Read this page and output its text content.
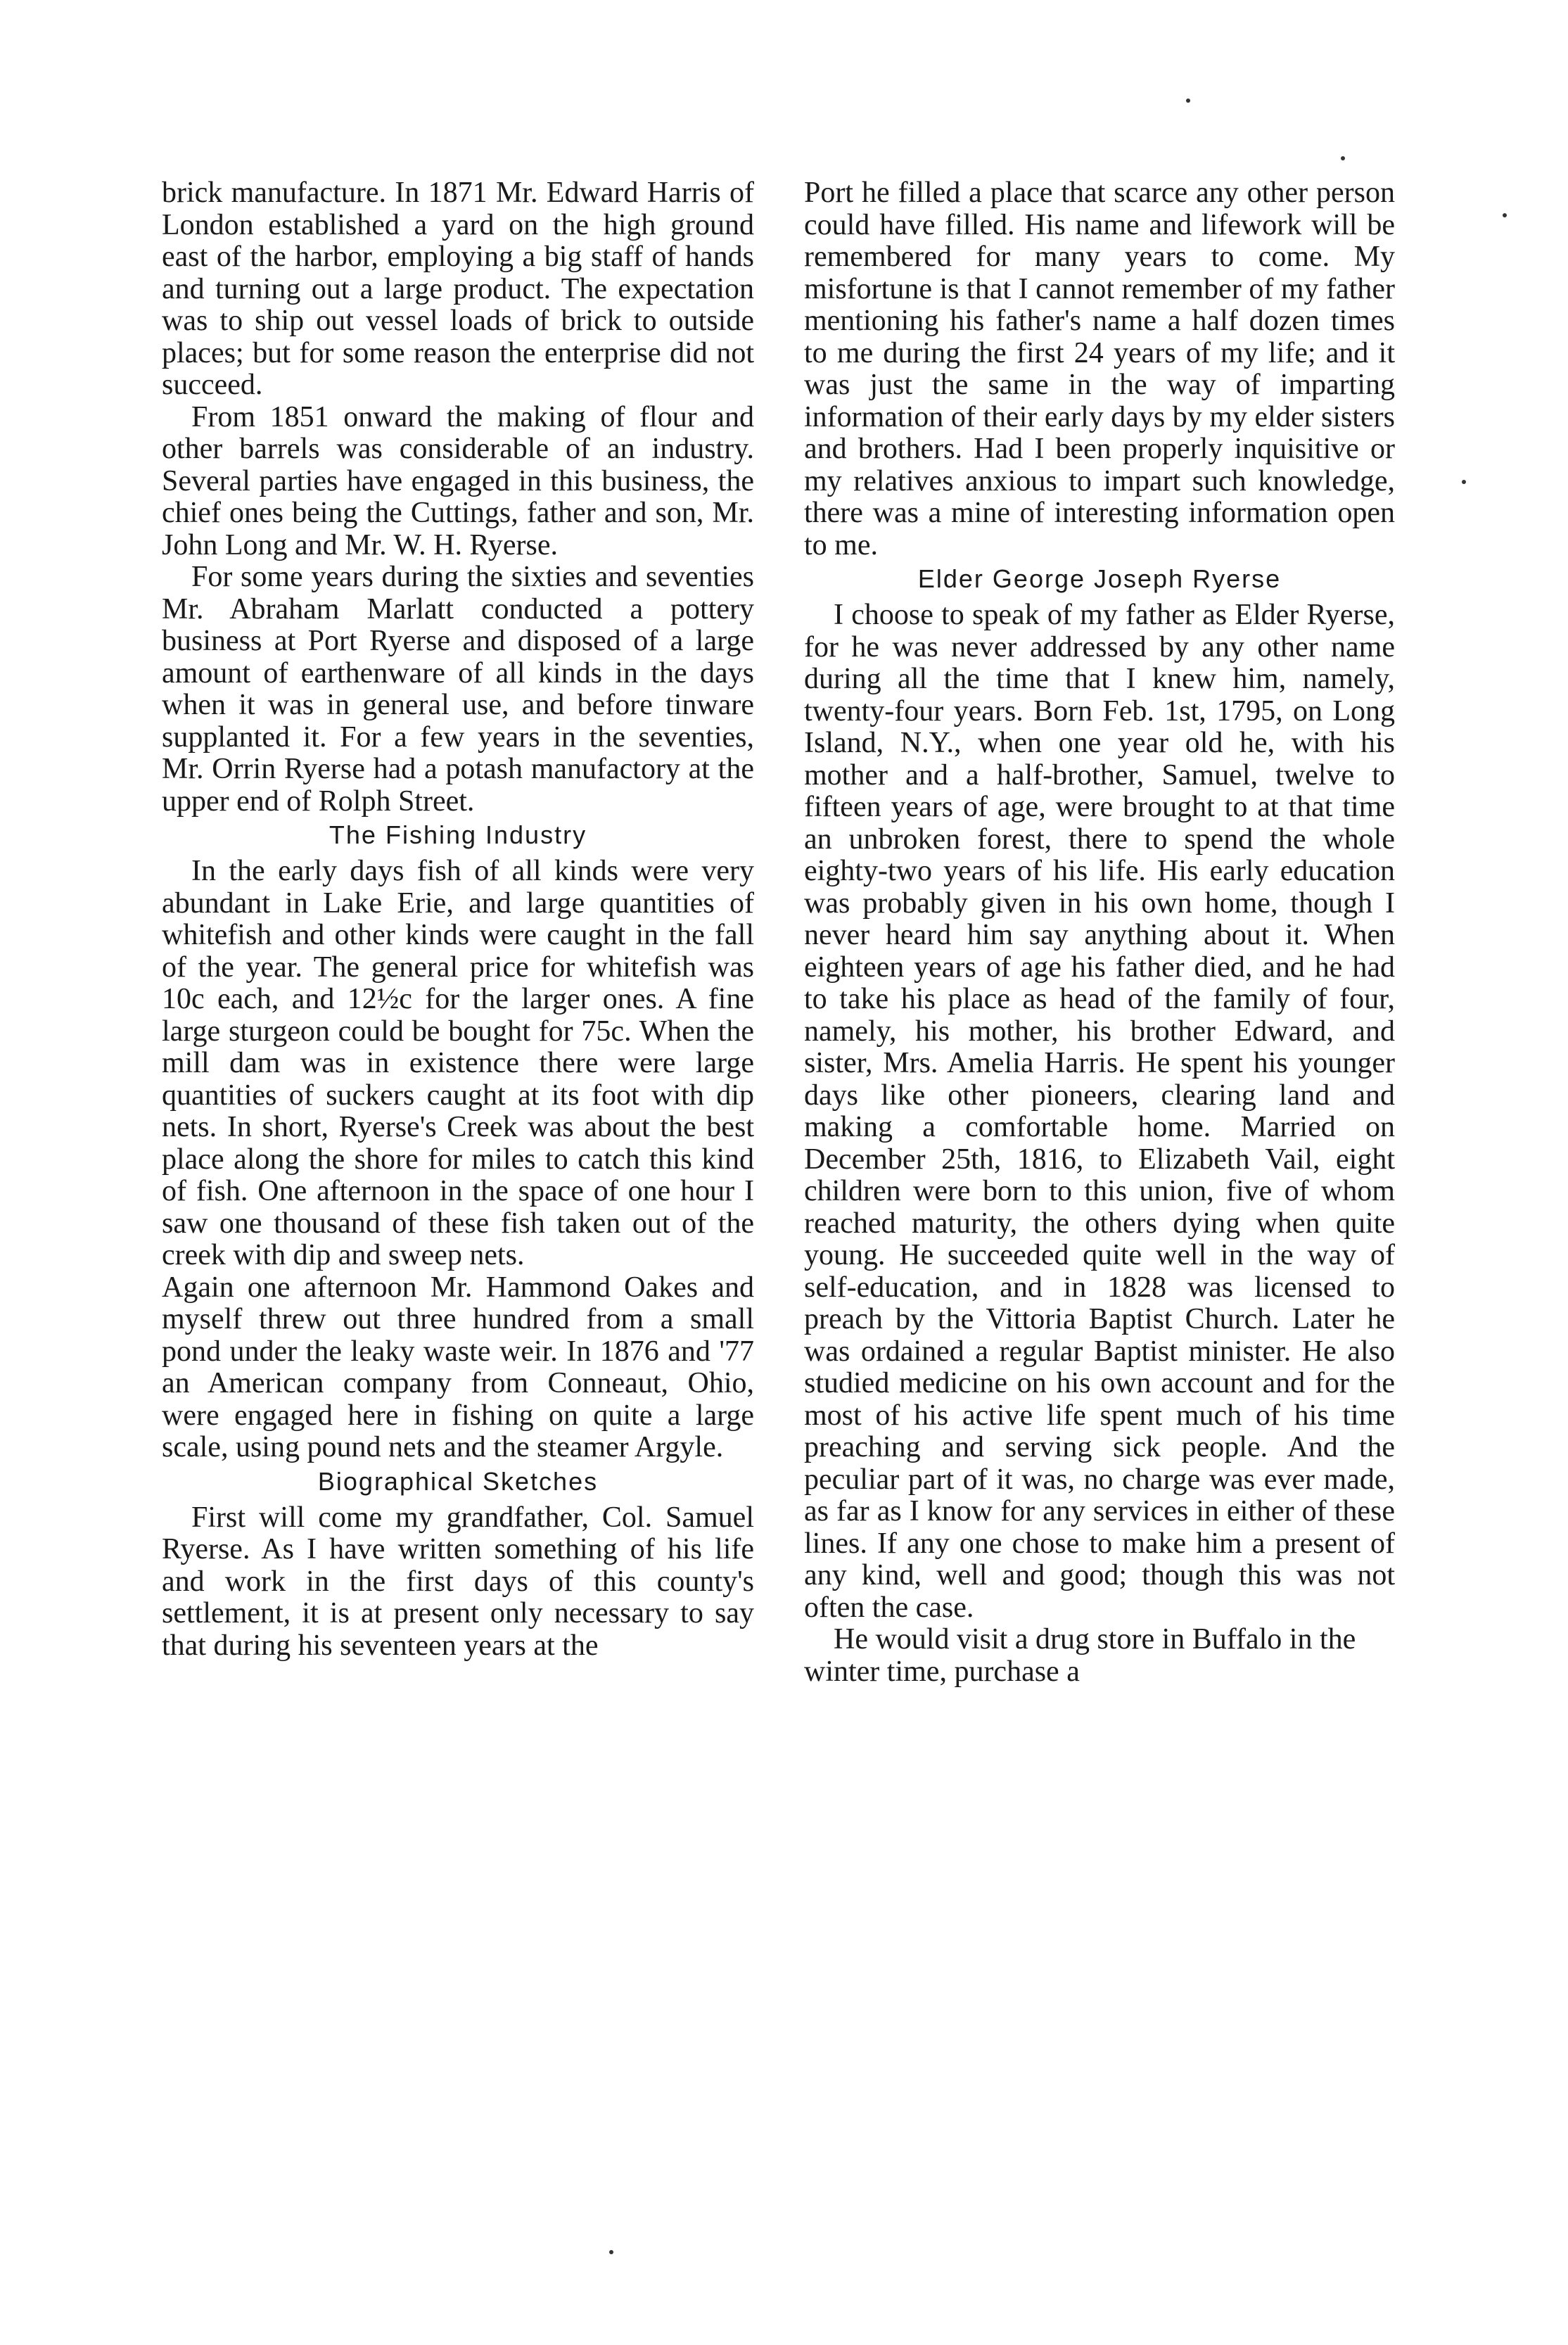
brick manufacture. In 1871 Mr. Edward Harris of London established a yard on the high ground east of the harbor, employing a big staff of hands and turning out a large product. The expectation was to ship out vessel loads of brick to outside places; but for some reason the enterprise did not succeed.

From 1851 onward the making of flour and other barrels was considerable of an industry. Several parties have engaged in this business, the chief ones being the Cuttings, father and son, Mr. John Long and Mr. W. H. Ryerse.

For some years during the sixties and seventies Mr. Abraham Marlatt conducted a pottery business at Port Ryerse and disposed of a large amount of earthenware of all kinds in the days when it was in general use, and before tinware supplanted it. For a few years in the seventies, Mr. Orrin Ryerse had a potash manufactory at the upper end of Rolph Street.

The Fishing Industry

In the early days fish of all kinds were very abundant in Lake Erie, and large quantities of whitefish and other kinds were caught in the fall of the year. The general price for whitefish was 10c each, and 12½c for the larger ones. A fine large sturgeon could be bought for 75c. When the mill dam was in existence there were large quantities of suckers caught at its foot with dip nets. In short, Ryerse's Creek was about the best place along the shore for miles to catch this kind of fish. One afternoon in the space of one hour I saw one thousand of these fish taken out of the creek with dip and sweep nets.

Again one afternoon Mr. Hammond Oakes and myself threw out three hundred from a small pond under the leaky waste weir. In 1876 and '77 an American company from Conneaut, Ohio, were engaged here in fishing on quite a large scale, using pound nets and the steamer Argyle.

Biographical Sketches

First will come my grandfather, Col. Samuel Ryerse. As I have written something of his life and work in the first days of this county's settlement, it is at present only necessary to say that during his seventeen years at the

Port he filled a place that scarce any other person could have filled. His name and lifework will be remembered for many years to come. My misfortune is that I cannot remember of my father mentioning his father's name a half dozen times to me during the first 24 years of my life; and it was just the same in the way of imparting information of their early days by my elder sisters and brothers. Had I been properly inquisitive or my relatives anxious to impart such knowledge, there was a mine of interesting information open to me.

Elder George Joseph Ryerse

I choose to speak of my father as Elder Ryerse, for he was never addressed by any other name during all the time that I knew him, namely, twenty-four years. Born Feb. 1st, 1795, on Long Island, N.Y., when one year old he, with his mother and a half-brother, Samuel, twelve to fifteen years of age, were brought to at that time an unbroken forest, there to spend the whole eighty-two years of his life. His early education was probably given in his own home, though I never heard him say anything about it. When eighteen years of age his father died, and he had to take his place as head of the family of four, namely, his mother, his brother Edward, and sister, Mrs. Amelia Harris. He spent his younger days like other pioneers, clearing land and making a comfortable home. Married on December 25th, 1816, to Elizabeth Vail, eight children were born to this union, five of whom reached maturity, the others dying when quite young. He succeeded quite well in the way of self-education, and in 1828 was licensed to preach by the Vittoria Baptist Church. Later he was ordained a regular Baptist minister. He also studied medicine on his own account and for the most of his active life spent much of his time preaching and serving sick people. And the peculiar part of it was, no charge was ever made, as far as I know for any services in either of these lines. If any one chose to make him a present of any kind, well and good; though this was not often the case.

He would visit a drug store in Buffalo in the winter time, purchase a
